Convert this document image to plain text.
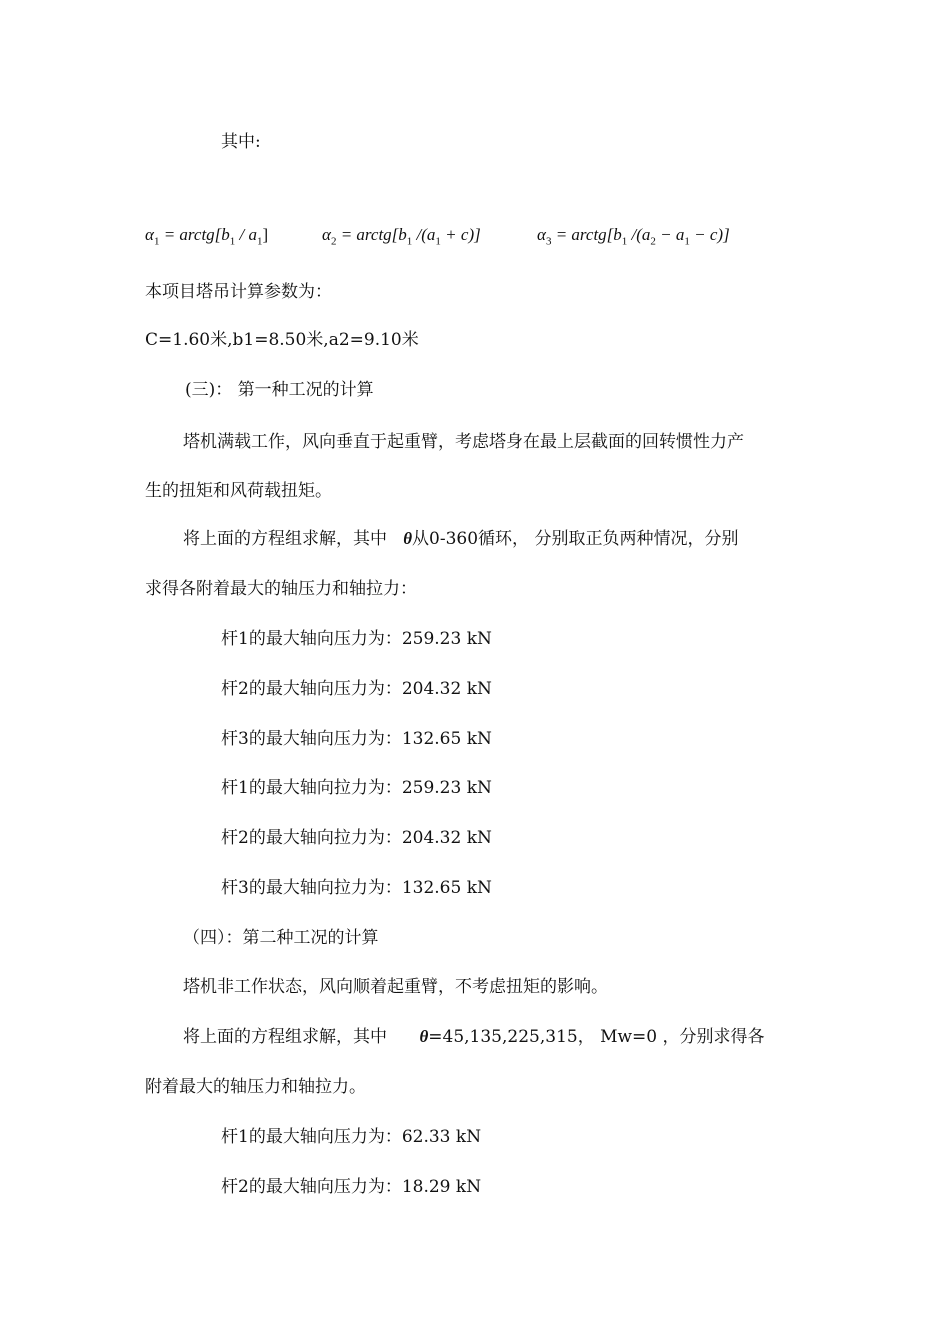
其中:
$\alpha_1$ = $arctg[b_1 / a_1]$	$\alpha_2$ = $arctg[b_1$ $/(a_1 + c)$]	$\alpha_3$ = $arctg[b_1$ $/(a_2 - a_1 - c)$]
本项目塔吊计算参数为：
C=1.60米,b1=8.50米,a2=9.10米
(三)： 第一种工况的计算
塔机满载工作，风向垂直于起重臂，考虑塔身在最上层截面的回转惯性力产
生的扭矩和风荷载扭矩。
将上面的方程组求解，其中   θ从0-360循环， 分别取正负两种情况，分别
求得各附着最大的轴压力和轴拉力：
杆1的最大轴向压力为：259.23 kN
杆2的最大轴向压力为：204.32 kN
杆3的最大轴向压力为：132.65 kN
杆1的最大轴向拉力为：259.23 kN
杆2的最大轴向拉力为：204.32 kN
杆3的最大轴向拉力为：132.65 kN
（四）：第二种工况的计算
塔机非工作状态，风向顺着起重臂，不考虑扭矩的影响。
将上面的方程组求解，其中      θ=45,135,225,315， Mw=0 ，分别求得各
附着最大的轴压力和轴拉力。
杆1的最大轴向压力为：62.33 kN
杆2的最大轴向压力为：18.29 kN
